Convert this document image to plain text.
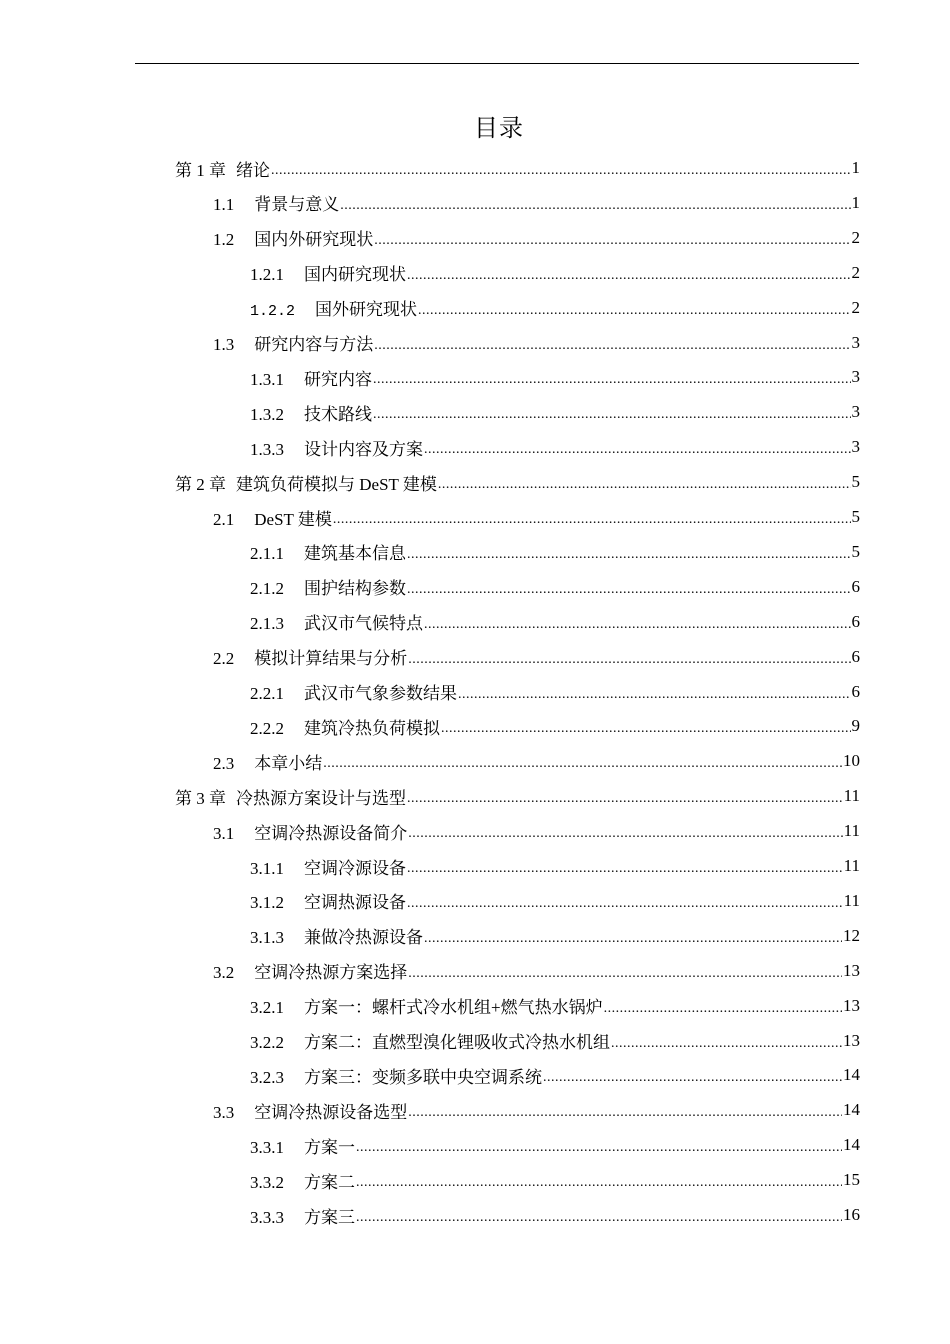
目录
第 1 章 绪论 .....	1
1.1 背景与意义 .....	1
1.2 国内外研究现状 .....	2
1.2.1 国内研究现状 .....	2
1.2.2 国外研究现状 .....	2
1.3 研究内容与方法 .....	3
1.3.1 研究内容 .....	3
1.3.2 技术路线 .....	3
1.3.3 设计内容及方案 .....	3
第 2 章 建筑负荷模拟与 DeST 建模 .....	5
2.1 DeST 建模 .....	5
2.1.1 建筑基本信息 .....	5
2.1.2 围护结构参数 .....	6
2.1.3 武汉市气候特点 .....	6
2.2 模拟计算结果与分析 .....	6
2.2.1 武汉市气象参数结果 .....	6
2.2.2 建筑冷热负荷模拟 .....	9
2.3 本章小结 .....	10
第 3 章 冷热源方案设计与选型 .....	11
3.1 空调冷热源设备简介 .....	11
3.1.1 空调冷源设备 .....	11
3.1.2 空调热源设备 .....	11
3.1.3 兼做冷热源设备 .....	12
3.2 空调冷热源方案选择 .....	13
3.2.1 方案一：螺杆式冷水机组+燃气热水锅炉 .....	13
3.2.2 方案二：直燃型溴化锂吸收式冷热水机组 .....	13
3.2.3 方案三：变频多联中央空调系统 .....	14
3.3 空调冷热源设备选型 .....	14
3.3.1 方案一 .....	14
3.3.2 方案二 .....	15
3.3.3 方案三 .....	16
